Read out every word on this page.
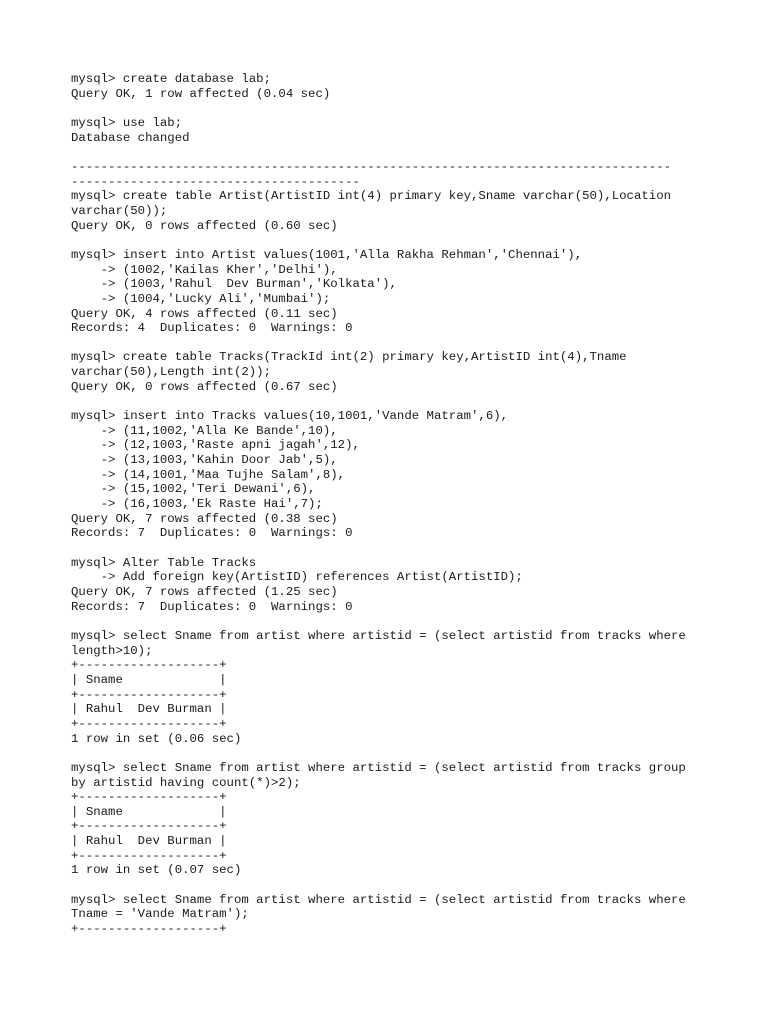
mysql> create database lab;
Query OK, 1 row affected (0.04 sec)
mysql> use lab;
Database changed
---------------------------------------------------------------------------------
---------------------------------------
mysql> create table Artist(ArtistID int(4) primary key,Sname varchar(50),Location
varchar(50));
Query OK, 0 rows affected (0.60 sec)
mysql> insert into Artist values(1001,'Alla Rakha Rehman','Chennai'),
-> (1002,'Kailas Kher','Delhi'),
-> (1003,'Rahul  Dev Burman','Kolkata'),
-> (1004,'Lucky Ali','Mumbai');
Query OK, 4 rows affected (0.11 sec)
Records: 4  Duplicates: 0  Warnings: 0
mysql> create table Tracks(TrackId int(2) primary key,ArtistID int(4),Tname
varchar(50),Length int(2));
Query OK, 0 rows affected (0.67 sec)
mysql> insert into Tracks values(10,1001,'Vande Matram',6),
-> (11,1002,'Alla Ke Bande',10),
-> (12,1003,'Raste apni jagah',12),
-> (13,1003,'Kahin Door Jab',5),
-> (14,1001,'Maa Tujhe Salam',8),
-> (15,1002,'Teri Dewani',6),
-> (16,1003,'Ek Raste Hai',7);
Query OK, 7 rows affected (0.38 sec)
Records: 7  Duplicates: 0  Warnings: 0
mysql> Alter Table Tracks
-> Add foreign key(ArtistID) references Artist(ArtistID);
Query OK, 7 rows affected (1.25 sec)
Records: 7  Duplicates: 0  Warnings: 0
mysql> select Sname from artist where artistid = (select artistid from tracks where
length>10);
+-------------------+
| Sname             |
+-------------------+
| Rahul  Dev Burman |
+-------------------+
1 row in set (0.06 sec)
mysql> select Sname from artist where artistid = (select artistid from tracks group
by artistid having count(*)>2);
+-------------------+
| Sname             |
+-------------------+
| Rahul  Dev Burman |
+-------------------+
1 row in set (0.07 sec)
mysql> select Sname from artist where artistid = (select artistid from tracks where
Tname = 'Vande Matram');
+-------------------+
